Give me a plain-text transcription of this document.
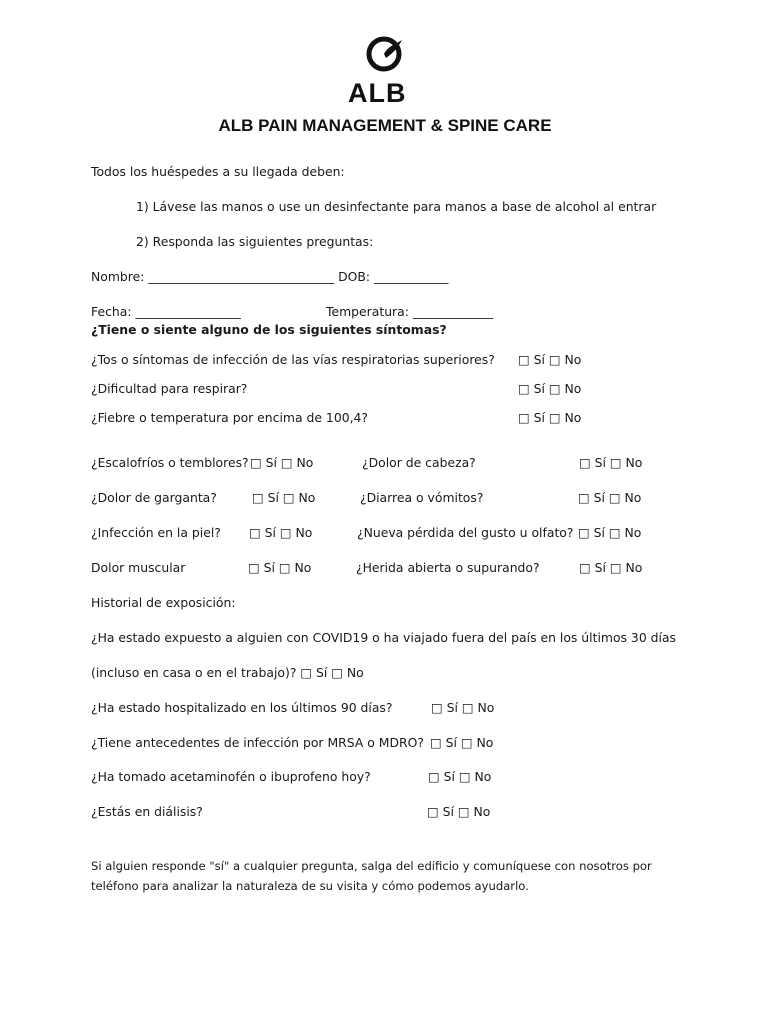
ALB
ALB PAIN MANAGEMENT & SPINE CARE
Todos los huéspedes a su llegada deben:
1) Lávese las manos o use un desinfectante para manos a base de alcohol al entrar
2) Responda las siguientes preguntas:
Nombre: ______________________________ DOB: ____________
Fecha: _________________	Temperatura: _____________
¿Tiene o siente alguno de los siguientes síntomas?
¿Tos o síntomas de infección de las vías respiratorias superiores? □ Sí □ No
¿Dificultad para respirar?	□ Sí □ No
¿Fiebre o temperatura por encima de 100,4?	□ Sí □ No
¿Escalofríos o temblores? □ Sí □ No	¿Dolor de cabeza?	□ Sí □ No
¿Dolor de garganta?	□ Sí □ No	¿Diarrea o vómitos?	□ Sí □ No
¿Infección en la piel? □ Sí □ No	¿Nueva pérdida del gusto u olfato? □ Sí □ No
Dolor muscular	□ Sí □ No	¿Herida abierta o supurando?	□ Sí □ No
Historial de exposición:
¿Ha estado expuesto a alguien con COVID19 o ha viajado fuera del país en los últimos 30 días
(incluso en casa o en el trabajo)? □ Sí □ No
¿Ha estado hospitalizado en los últimos 90 días?	□ Sí □ No
¿Tiene antecedentes de infección por MRSA o MDRO? □ Sí □ No
¿Ha tomado acetaminofén o ibuprofeno hoy?	□ Sí □ No
¿Estás en diálisis?	□ Sí □ No
Si alguien responde "sí" a cualquier pregunta, salga del edificio y comuníquese con nosotros por
teléfono para analizar la naturaleza de su visita y cómo podemos ayudarlo.
